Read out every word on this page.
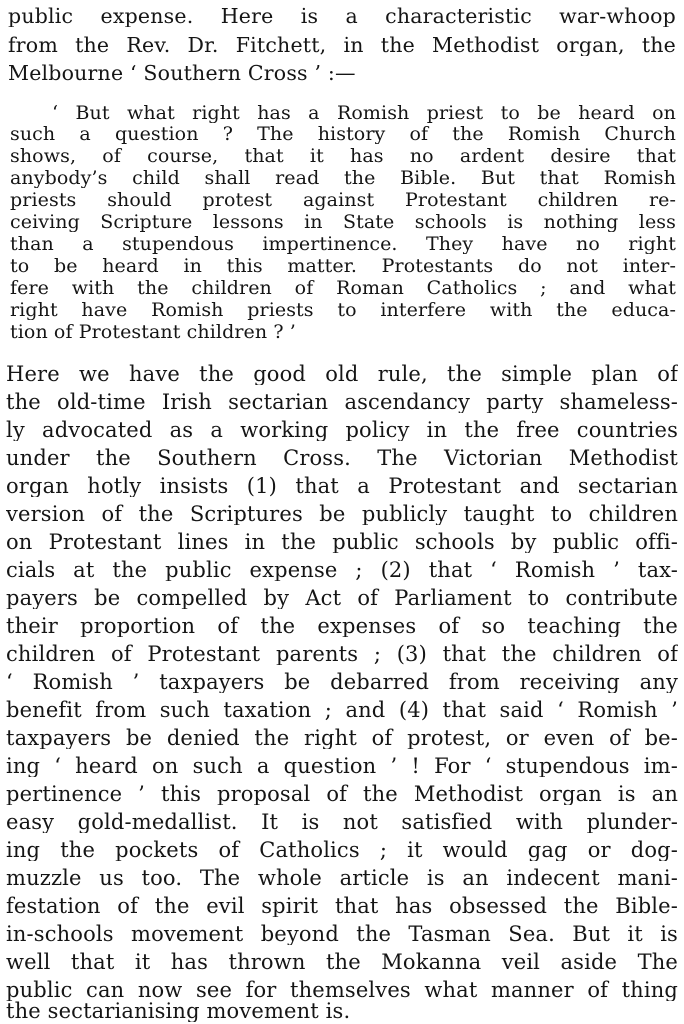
public expense. Here is a characteristic war-whoop
from the Rev. Dr. Fitchett, in the Methodist organ, the
Melbourne ‘ Southern Cross ’ :—
‘ But what right has a Romish priest to be heard on
such a question ? The history of the Romish Church
shows, of course, that it has no ardent desire that
anybody’s child shall read the Bible. But that Romish
priests should protest against Protestant children re-
ceiving Scripture lessons in State schools is nothing less
than a stupendous impertinence. They have no right
to be heard in this matter. Protestants do not inter-
fere with the children of Roman Catholics ; and what
right have Romish priests to interfere with the educa-
tion of Protestant children ? ’
Here we have the good old rule, the simple plan of
the old-time Irish sectarian ascendancy party shameless-
ly advocated as a working policy in the free countries
under the Southern Cross. The Victorian Methodist
organ hotly insists (1) that a Protestant and sectarian
version of the Scriptures be publicly taught to children
on Protestant lines in the public schools by public offi-
cials at the public expense ; (2) that ‘ Romish ’ tax-
payers be compelled by Act of Parliament to contribute
their proportion of the expenses of so teaching the
children of Protestant parents ; (3) that the children of
‘ Romish ’ taxpayers be debarred from receiving any
benefit from such taxation ; and (4) that said ‘ Romish ’
taxpayers be denied the right of protest, or even of be-
ing ‘ heard on such a question ’ ! For ‘ stupendous im-
pertinence ’ this proposal of the Methodist organ is an
easy gold-medallist. It is not satisfied with plunder-
ing the pockets of Catholics ; it would gag or dog-
muzzle us too. The whole article is an indecent mani-
festation of the evil spirit that has obsessed the Bible-
in-schools movement beyond the Tasman Sea. But it is
well that it has thrown the Mokanna veil aside The
public can now see for themselves what manner of thing
the sectarianising movement is.
